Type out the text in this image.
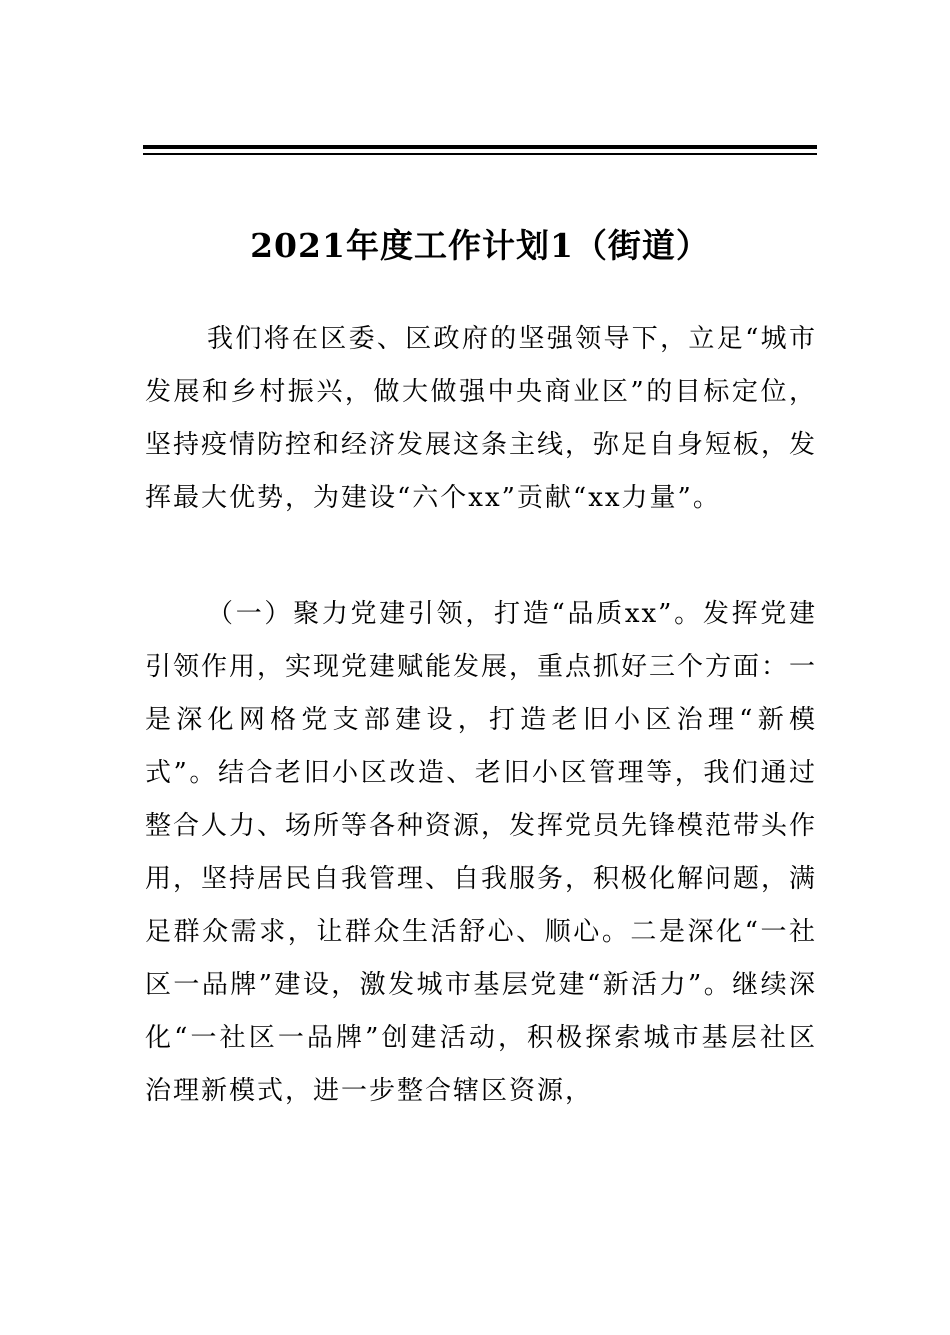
2021年度工作计划1（街道）

我们将在区委、区政府的坚强领导下，立足“城市发展和乡村振兴，做大做强中央商业区”的目标定位，坚持疫情防控和经济发展这条主线，弥足自身短板，发挥最大优势，为建设“六个xx”贡献“xx力量”。

（一）聚力党建引领，打造“品质xx”。发挥党建引领作用，实现党建赋能发展，重点抓好三个方面：一是深化网格党支部建设，打造老旧小区治理“新模式”。结合老旧小区改造、老旧小区管理等，我们通过整合人力、场所等各种资源，发挥党员先锋模范带头作用，坚持居民自我管理、自我服务，积极化解问题，满足群众需求，让群众生活舒心、顺心。二是深化“一社区一品牌”建设，激发城市基层党建“新活力”。继续深化“一社区一品牌”创建活动，积极探索城市基层社区治理新模式，进一步整合辖区资源，
